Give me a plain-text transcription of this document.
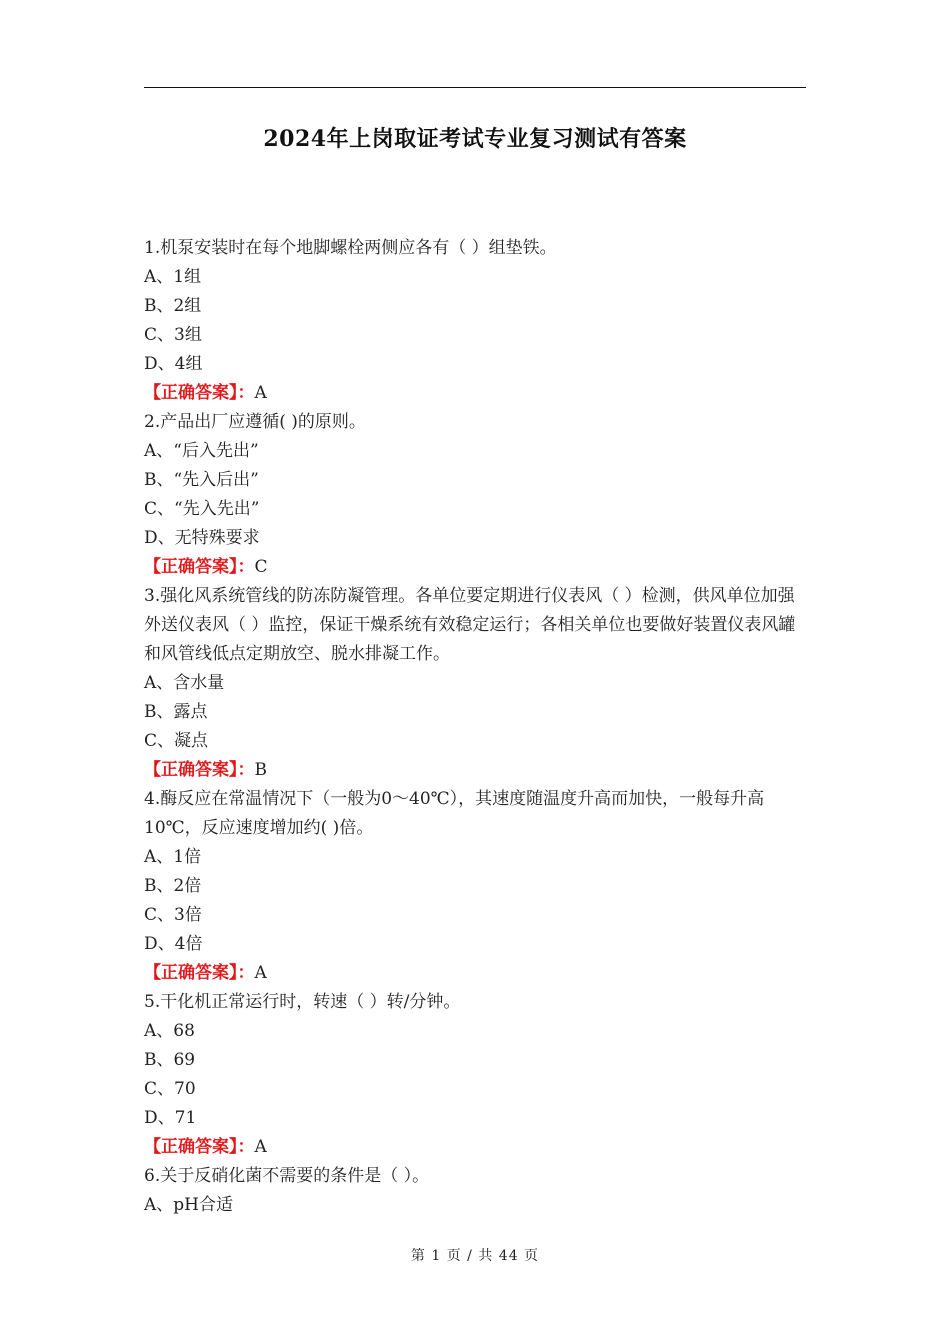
2024年上岗取证考试专业复习测试有答案
1.机泵安装时在每个地脚螺栓两侧应各有（ ）组垫铁。
A、1组
B、2组
C、3组
D、4组
【正确答案】：A
2.产品出厂应遵循( )的原则。
A、“后入先出”
B、“先入后出”
C、“先入先出”
D、无特殊要求
【正确答案】：C
3.强化风系统管线的防冻防凝管理。各单位要定期进行仪表风（ ）检测，供风单位加强外送仪表风（ ）监控，保证干燥系统有效稳定运行；各相关单位也要做好装置仪表风罐和风管线低点定期放空、脱水排凝工作。
A、含水量
B、露点
C、凝点
【正确答案】：B
4.酶反应在常温情况下（一般为0～40℃），其速度随温度升高而加快，一般每升高10℃，反应速度增加约( )倍。
A、1倍
B、2倍
C、3倍
D、4倍
【正确答案】：A
5.干化机正常运行时，转速（ ）转/分钟。
A、68
B、69
C、70
D、71
【正确答案】：A
6.关于反硝化菌不需要的条件是（ ）。
A、pH合适
第 1 页 / 共 44 页
